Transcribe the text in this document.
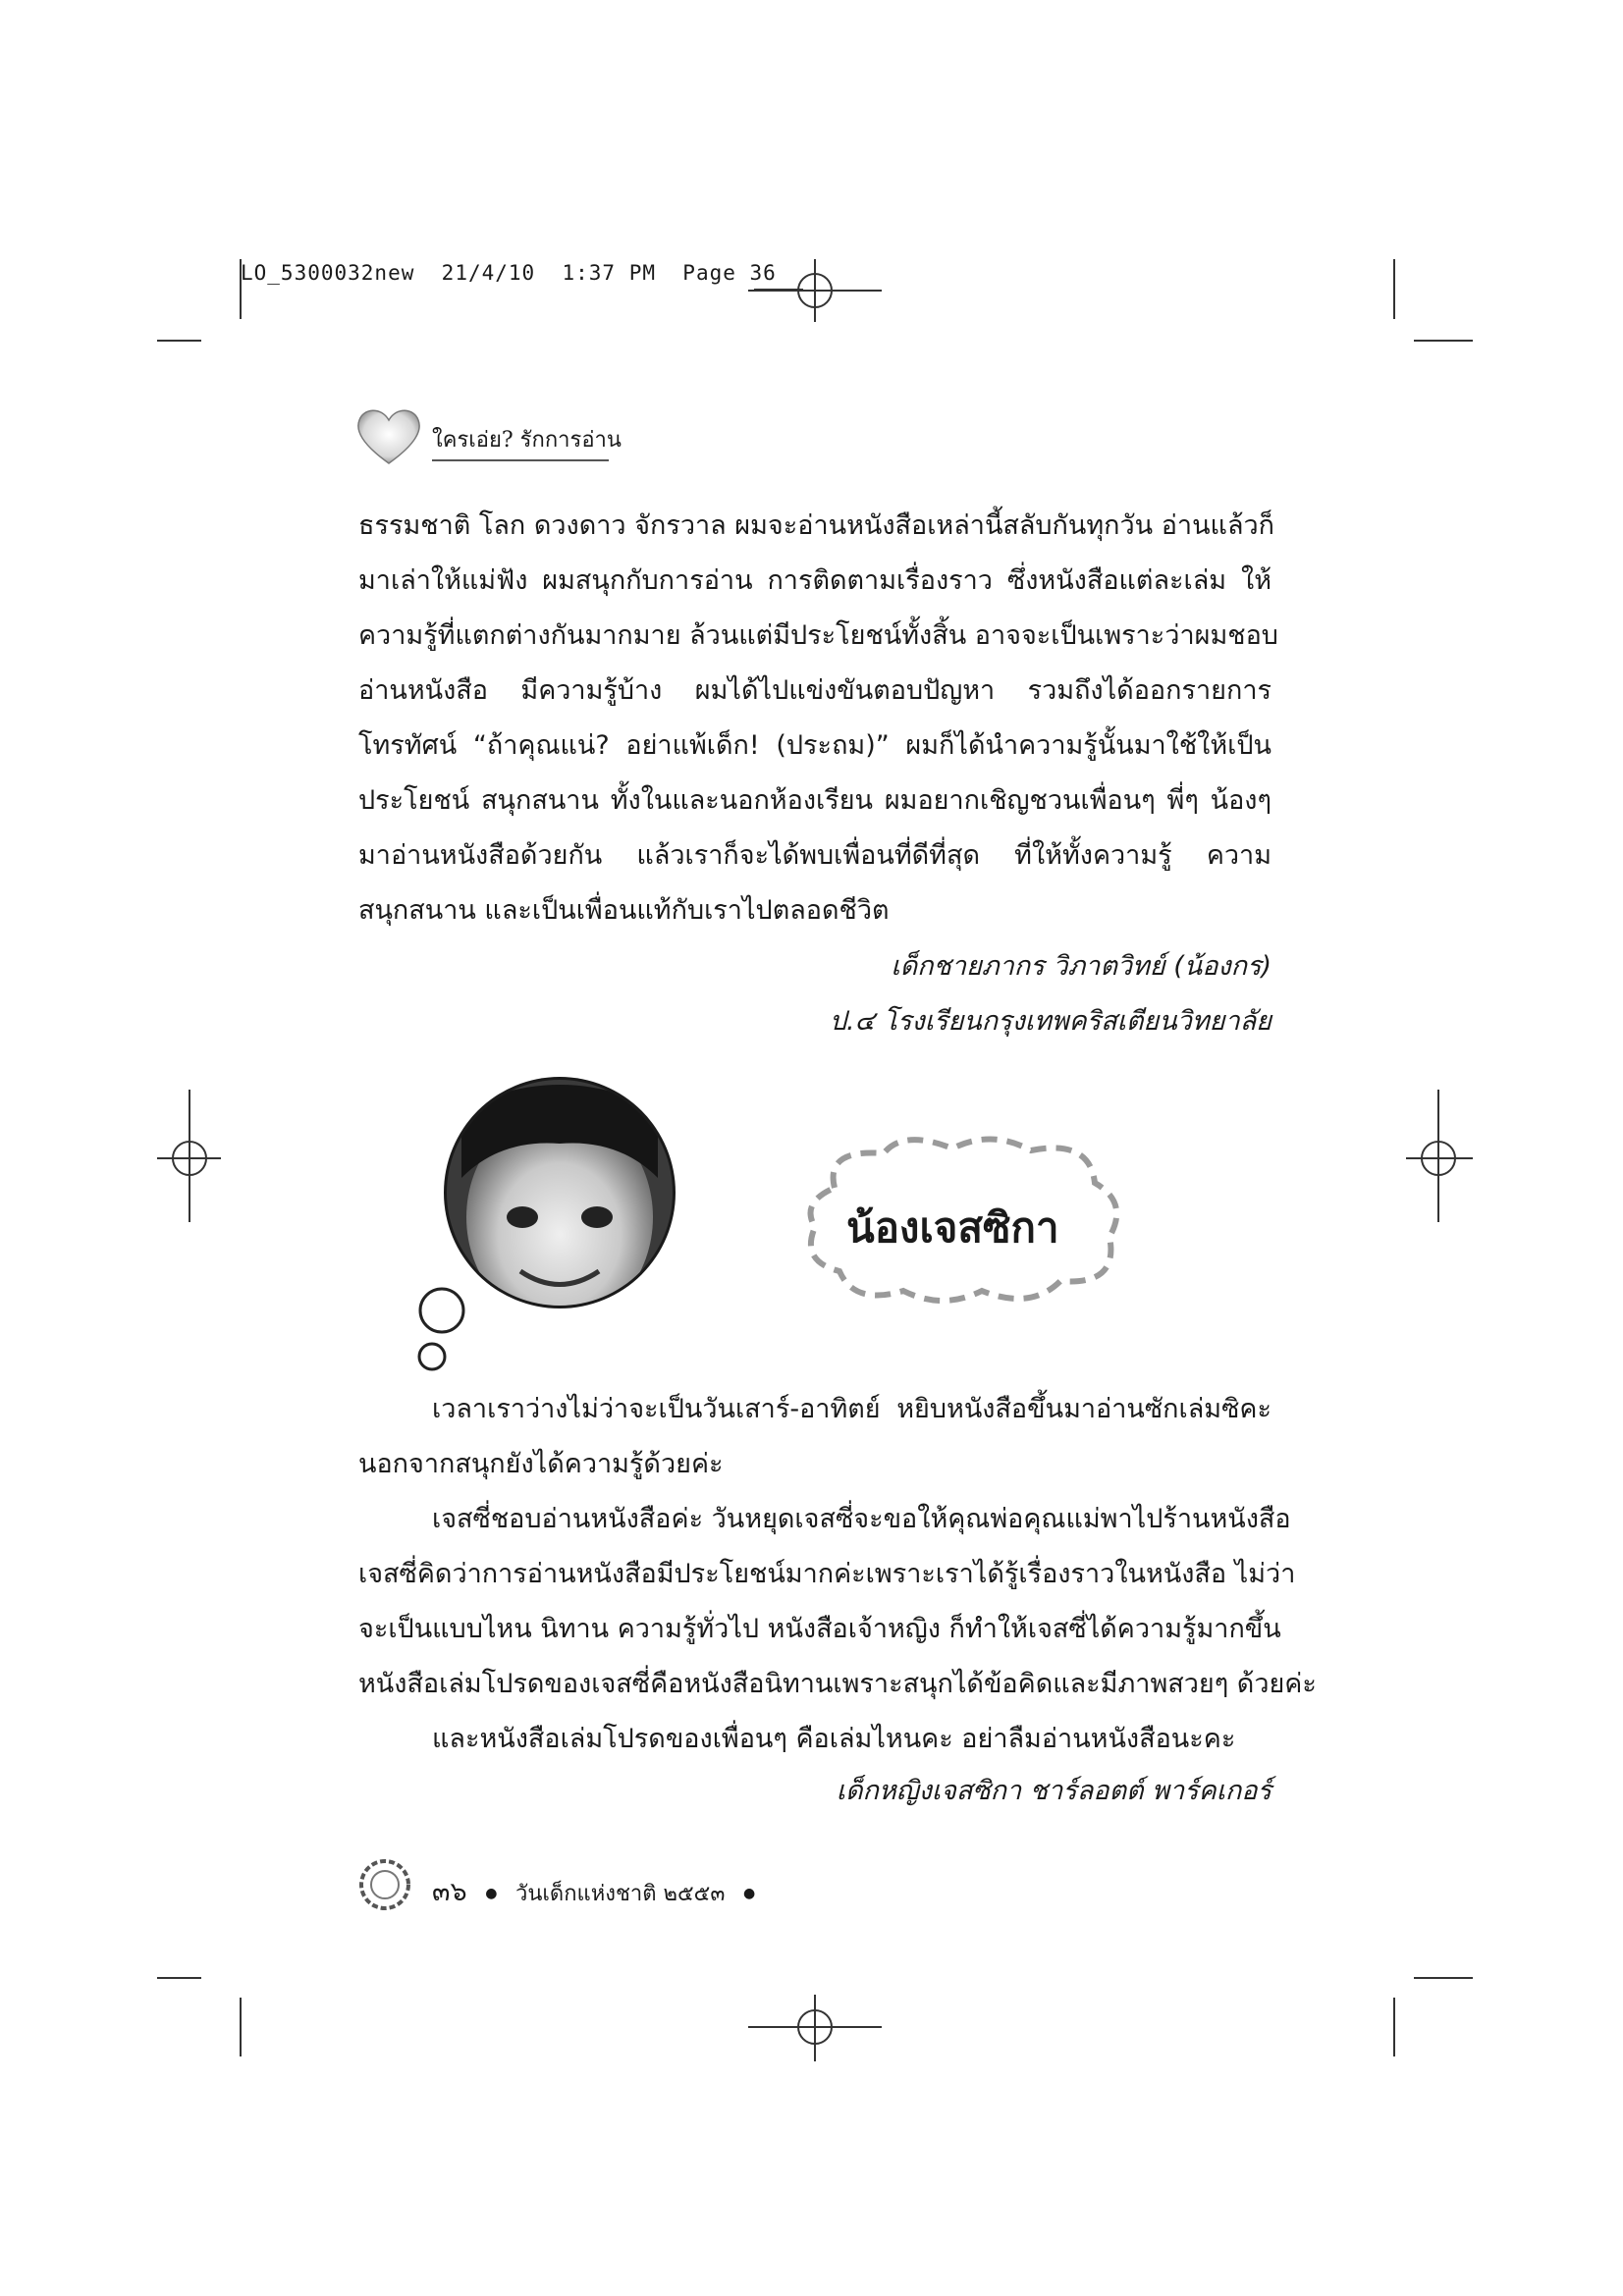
LO_5300032new 21/4/10 1:37 PM Page 36
ใครเอ่ย? รักการอ่าน
ธรรมชาติ โลก ดวงดาว จักรวาล ผมจะอ่านหนังสือเหล่านี้สลับกันทุกวัน อ่านแล้วก็
มาเล่าให้แม่ฟัง ผมสนุกกับการอ่าน การติดตามเรื่องราว ซึ่งหนังสือแต่ละเล่ม ให้
ความรู้ที่แตกต่างกันมากมาย ล้วนแต่มีประโยชน์ทั้งสิ้น อาจจะเป็นเพราะว่าผมชอบ
อ่านหนังสือ มีความรู้บ้าง ผมได้ไปแข่งขันตอบปัญหา รวมถึงได้ออกรายการ
โทรทัศน์ “ถ้าคุณแน่? อย่าแพ้เด็ก! (ประถม)” ผมก็ได้นำความรู้นั้นมาใช้ให้เป็น
ประโยชน์ สนุกสนาน ทั้งในและนอกห้องเรียน ผมอยากเชิญชวนเพื่อนๆ พี่ๆ น้องๆ
มาอ่านหนังสือด้วยกัน แล้วเราก็จะได้พบเพื่อนที่ดีที่สุด ที่ให้ทั้งความรู้ ความ
สนุกสนาน และเป็นเพื่อนแท้กับเราไปตลอดชีวิต
เด็กชายภากร วิภาตวิทย์ (น้องกร)
ป.๔ โรงเรียนกรุงเทพคริสเตียนวิทยาลัย
น้องเจสซิกา
เวลาเราว่างไม่ว่าจะเป็นวันเสาร์-อาทิตย์ หยิบหนังสือขึ้นมาอ่านซักเล่มซิคะ
นอกจากสนุกยังได้ความรู้ด้วยค่ะ
เจสซี่ชอบอ่านหนังสือค่ะ วันหยุดเจสซี่จะขอให้คุณพ่อคุณแม่พาไปร้านหนังสือ
เจสซี่คิดว่าการอ่านหนังสือมีประโยชน์มากค่ะเพราะเราได้รู้เรื่องราวในหนังสือ ไม่ว่า
จะเป็นแบบไหน นิทาน ความรู้ทั่วไป หนังสือเจ้าหญิง ก็ทำให้เจสซี่ได้ความรู้มากขึ้น
หนังสือเล่มโปรดของเจสซี่คือหนังสือนิทานเพราะสนุกได้ข้อคิดและมีภาพสวยๆ ด้วยค่ะ
และหนังสือเล่มโปรดของเพื่อนๆ คือเล่มไหนคะ อย่าลืมอ่านหนังสือนะคะ
เด็กหญิงเจสซิกา ชาร์ลอตต์ พาร์คเกอร์
๓๖ ● วันเด็กแห่งชาติ ๒๕๕๓ ●
